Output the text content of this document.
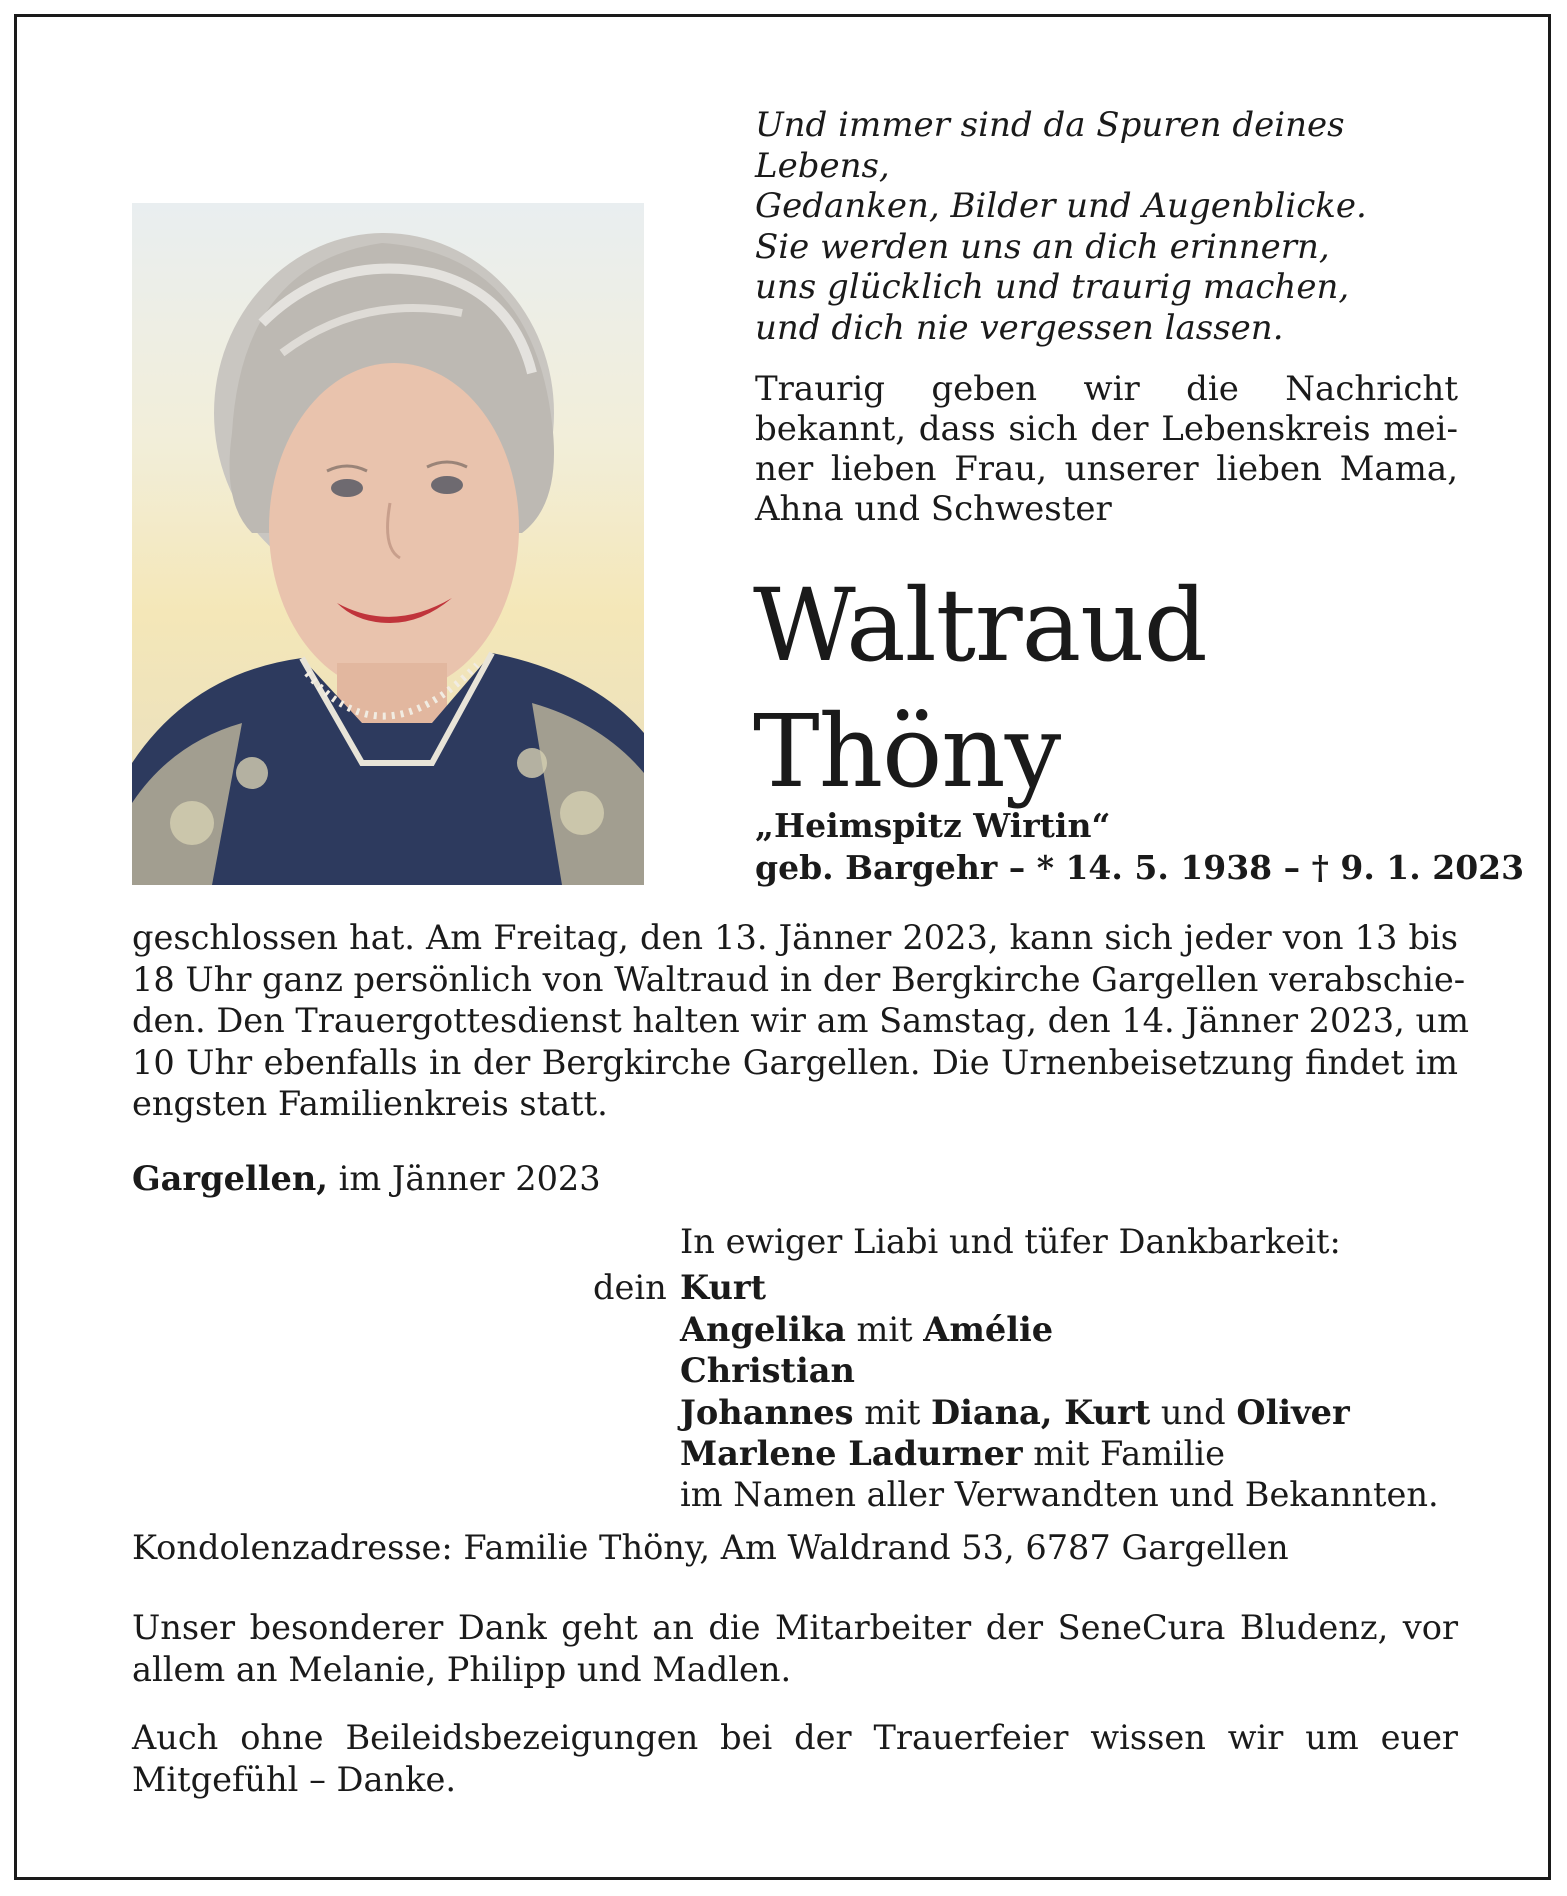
Und immer sind da Spuren deines Lebens,
Gedanken, Bilder und Augenblicke.
Sie werden uns an dich erinnern,
uns glücklich und traurig machen,
und dich nie vergessen lassen.
Traurig geben wir die Nachricht
bekannt, dass sich der Lebenskreis mei-
ner lieben Frau, unserer lieben Mama,
Ahna und Schwester
Waltraud
Thöny
„Heimspitz Wirtin“
geb. Bargehr – * 14. 5. 1938 – † 9. 1. 2023
geschlossen hat. Am Freitag, den 13. Jänner 2023, kann sich jeder von 13 bis
18 Uhr ganz persönlich von Waltraud in der Bergkirche Gargellen verabschie-
den. Den Trauergottesdienst halten wir am Samstag, den 14. Jänner 2023, um
10 Uhr ebenfalls in der Bergkirche Gargellen. Die Urnenbeisetzung findet im
engsten Familienkreis statt.
Gargellen, im Jänner 2023
In ewiger Liabi und tüfer Dankbarkeit:
dein Kurt
Angelika mit Amélie
Christian
Johannes mit Diana, Kurt und Oliver
Marlene Ladurner mit Familie
im Namen aller Verwandten und Bekannten.
Kondolenzadresse: Familie Thöny, Am Waldrand 53, 6787 Gargellen
Unser besonderer Dank geht an die Mitarbeiter der SeneCura Bludenz, vor
allem an Melanie, Philipp und Madlen.
Auch ohne Beileidsbezeigungen bei der Trauerfeier wissen wir um euer
Mitgefühl – Danke.
